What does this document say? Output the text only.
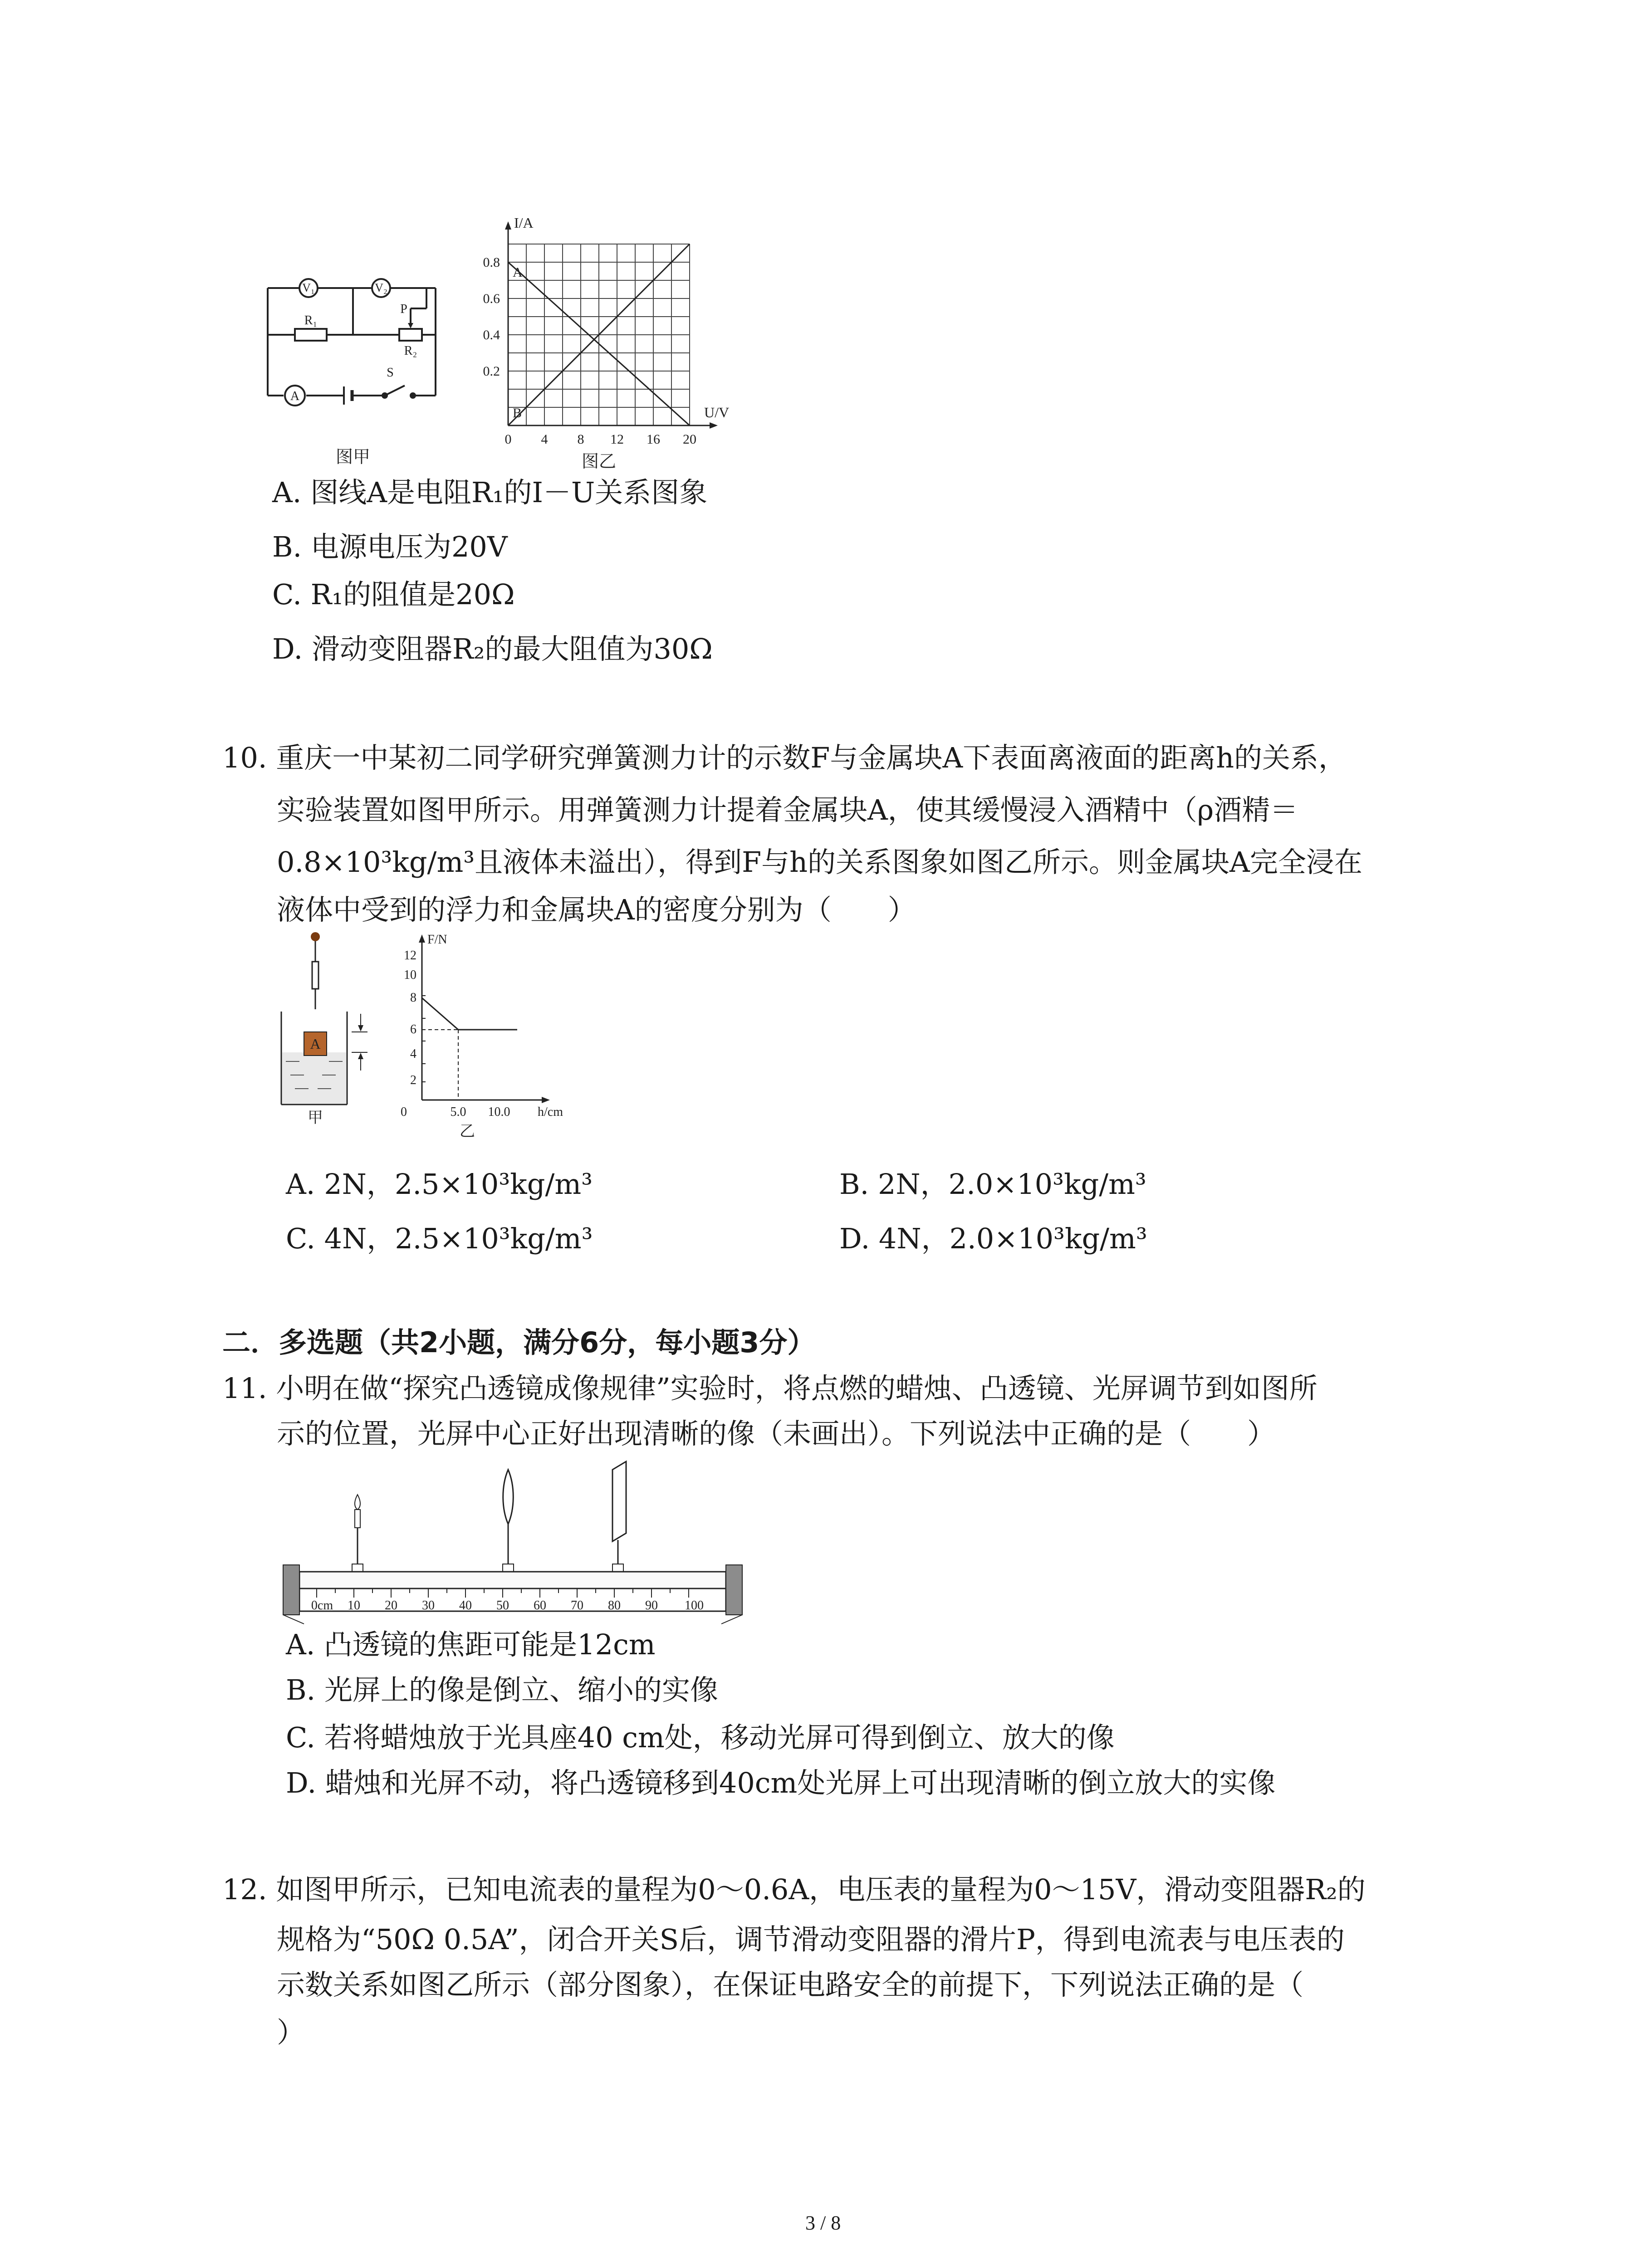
V₁	V₂
R₁
P
R₂
A
S
图甲
A
B
I/A
U/V
0.8
0.6
0.4
0.2
0 4 8 12 16 20
图乙
A. 图线A是电阻R₁的I－U关系图象
B. 电源电压为20V
C. R₁的阻值是20Ω
D. 滑动变阻器R₂的最大阻值为30Ω
10. 重庆一中某初二同学研究弹簧测力计的示数F与金属块A下表面离液面的距离h的关系，
实验装置如图甲所示。用弹簧测力计提着金属块A，使其缓慢浸入酒精中（ρ酒精＝
0.8×10³kg/m³且液体未溢出），得到F与h的关系图象如图乙所示。则金属块A完全浸在
液体中受到的浮力和金属块A的密度分别为（　　）
A
甲
F/N
h/cm
12
10
8
6
4
2
0	5.0 10.0
乙
A. 2N，2.5×10³kg/m³	B. 2N，2.0×10³kg/m³
C. 4N，2.5×10³kg/m³	D. 4N，2.0×10³kg/m³
二．多选题（共2小题，满分6分，每小题3分）
11. 小明在做“探究凸透镜成像规律”实验时，将点燃的蜡烛、凸透镜、光屏调节到如图所
示的位置，光屏中心正好出现清晰的像（未画出）。下列说法中正确的是（　　）
0cm 10 20 30 40 50 60 70 80 90 100
A. 凸透镜的焦距可能是12cm
B. 光屏上的像是倒立、缩小的实像
C. 若将蜡烛放于光具座40 cm处，移动光屏可得到倒立、放大的像
D. 蜡烛和光屏不动，将凸透镜移到40cm处光屏上可出现清晰的倒立放大的实像
12. 如图甲所示，已知电流表的量程为0～0.6A，电压表的量程为0～15V，滑动变阻器R₂的
规格为“50Ω 0.5A”，闭合开关S后，调节滑动变阻器的滑片P，得到电流表与电压表的
示数关系如图乙所示（部分图象），在保证电路安全的前提下，下列说法正确的是（
）
3 / 8
